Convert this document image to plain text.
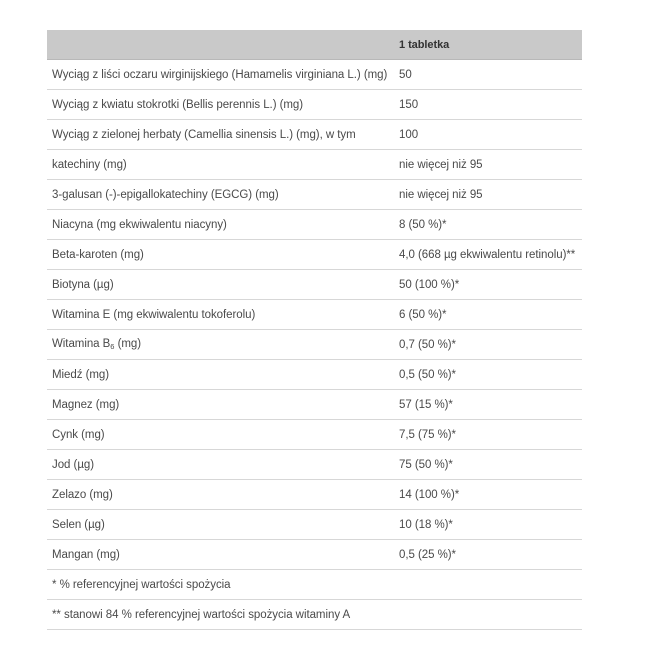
1 tabletka
Wyciąg z liści oczaru wirginijskiego (Hamamelis virginiana L.) (mg)	50
Wyciąg z kwiatu stokrotki (Bellis perennis L.) (mg)	150
Wyciąg z zielonej herbaty (Camellia sinensis L.) (mg), w tym	100
katechiny (mg)	nie więcej niż 95
3-galusan (-)-epigallokatechiny (EGCG) (mg)	nie więcej niż 95
Niacyna (mg ekwiwalentu niacyny)	8 (50 %)*
Beta-karoten (mg)	4,0 (668 µg ekwiwalentu retinolu)**
Biotyna (µg)	50 (100 %)*
Witamina E (mg ekwiwalentu tokoferolu)	6 (50 %)*
Witamina $B_6$ (mg)	0,7 (50 %)*
Miedź (mg)	0,5 (50 %)*
Magnez (mg)	57 (15 %)*
Cynk (mg)	7,5 (75 %)*
Jod (µg)	75 (50 %)*
Żelazo (mg)	14 (100 %)*
Selen (µg)	10 (18 %)*
Mangan (mg)	0,5 (25 %)*
* % referencyjnej wartości spożycia
** stanowi 84 % referencyjnej wartości spożycia witaminy A
